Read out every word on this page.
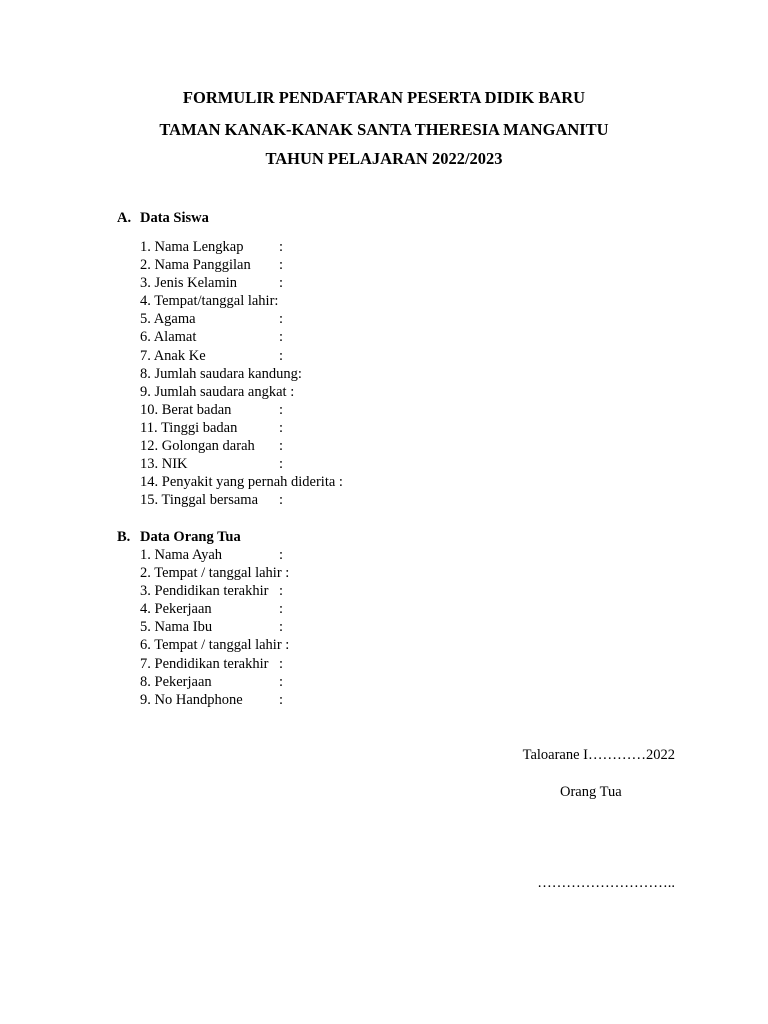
FORMULIR PENDAFTARAN PESERTA DIDIK BARU
TAMAN KANAK-KANAK SANTA THERESIA MANGANITU
TAHUN PELAJARAN 2022/2023
A. Data Siswa
1. Nama Lengkap :
2. Nama Panggilan :
3. Jenis Kelamin	:
4. Tempat/tanggal lahir:
5. Agama	:
6. Alamat	:
7. Anak Ke	:
8. Jumlah saudara kandung:
9. Jumlah saudara angkat :
10. Berat badan	:
11. Tinggi badan	:
12. Golongan darah :
13. NIK	:
14. Penyakit yang pernah diderita :
15. Tinggal bersama :
B. Data Orang Tua
1. Nama Ayah	:
2. Tempat / tanggal lahir :
3. Pendidikan terakhir :
4. Pekerjaan	:
5. Nama Ibu	:
6. Tempat / tanggal lahir :
7. Pendidikan terakhir :
8. Pekerjaan	:
9. No Handphone	:
Taloarane I…………2022
Orang Tua
………………………..
